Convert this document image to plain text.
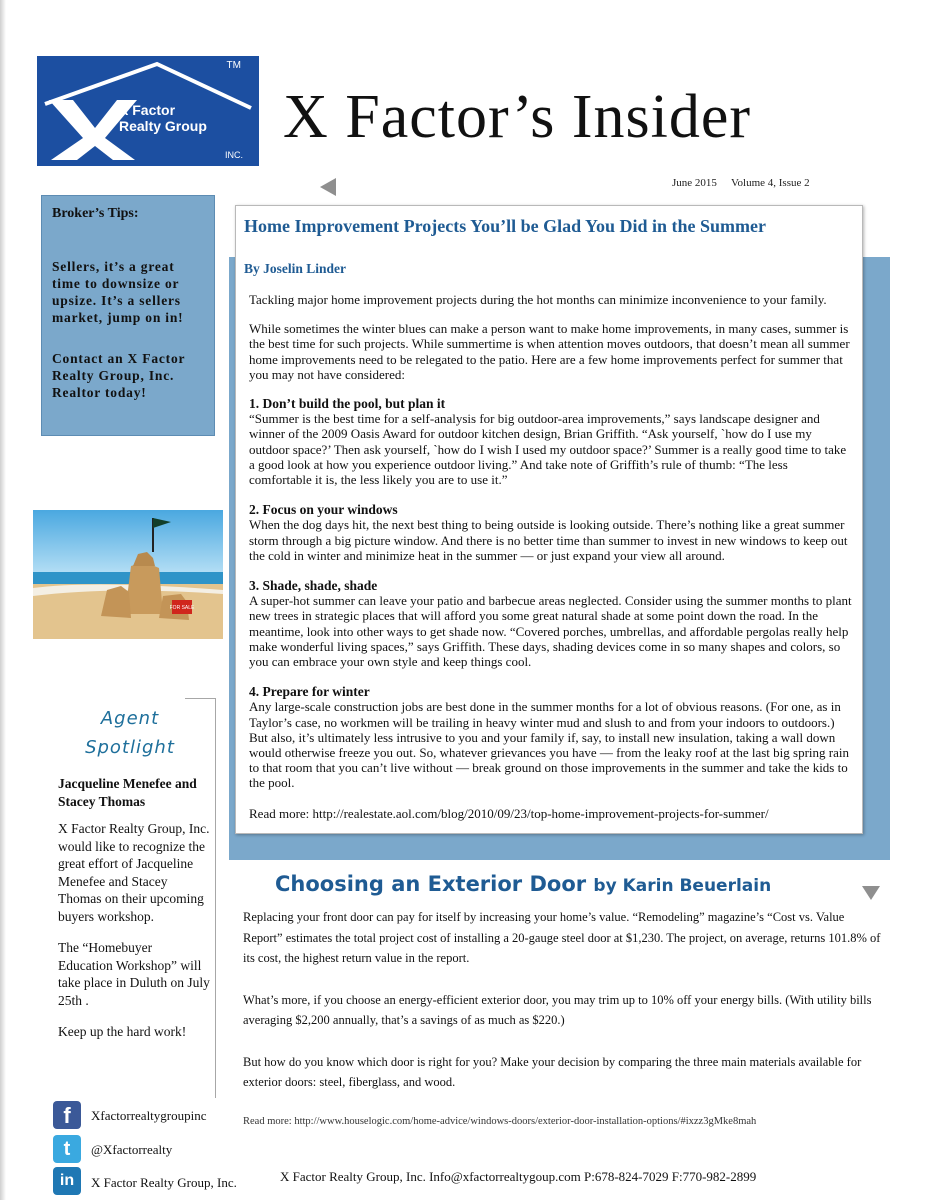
TM
X Factor
Realty Group
INC.
X Factor’s Insider
June 2015 Volume 4, Issue 2
Broker’s Tips:
Sellers, it’s a great time to downsize or upsize. It’s a sellers market, jump on in!
Contact an X Factor Realty Group, Inc. Realtor today!
FOR SALE
Agent
Spotlight
Jacqueline Menefee and Stacey Thomas

X Factor Realty Group, Inc. would like to recognize the great effort of Jacqueline Menefee and Stacey Thomas on their upcoming buyers workshop.

The “Homebuyer Education Workshop” will take place in Duluth on July 25th .

Keep up the hard work!

Home Improvement Projects You’ll be Glad You Did in the Summer
By Joselin Linder

Tackling major home improvement projects during the hot months can minimize inconvenience to your family.

While sometimes the winter blues can make a person want to make home improvements, in many cases, summer is the best time for such projects. While summertime is when attention moves outdoors, that doesn’t mean all summer home improvements need to be relegated to the patio. Here are a few home improvements perfect for summer that you may not have considered:

1. Don’t build the pool, but plan it
“Summer is the best time for a self-analysis for big outdoor-area improvements,” says landscape designer and winner of the 2009 Oasis Award for outdoor kitchen design, Brian Griffith. “Ask yourself, `how do I use my outdoor space?’ Then ask yourself, `how do I wish I used my outdoor space?’ Summer is a really good time to take a good look at how you experience outdoor living.” And take note of Griffith’s rule of thumb: “The less comfortable it is, the less likely you are to use it.”
2. Focus on your windows
When the dog days hit, the next best thing to being outside is looking outside. There’s nothing like a great summer storm through a big picture window. And there is no better time than summer to invest in new windows to keep out the cold in winter and minimize heat in the summer — or just expand your view all around.
3. Shade, shade, shade
A super-hot summer can leave your patio and barbecue areas neglected. Consider using the summer months to plant new trees in strategic places that will afford you some great natural shade at some point down the road. In the meantime, look into other ways to get shade now. “Covered porches, umbrellas, and affordable pergolas really help make wonderful living spaces,” says Griffith. These days, shading devices come in so many shapes and colors, so you can embrace your own style and keep things cool.
4. Prepare for winter
Any large-scale construction jobs are best done in the summer months for a lot of obvious reasons. (For one, as in Taylor’s case, no workmen will be trailing in heavy winter mud and slush to and from your indoors to outdoors.) But also, it’s ultimately less intrusive to you and your family if, say, to install new insulation, taking a wall down would otherwise freeze you out. So, whatever grievances you have — from the leaky roof at the last big spring rain to that room that you can’t live without — break ground on those improvements in the summer and take the kids to the pool.
Read more: http://realestate.aol.com/blog/2010/09/23/top-home-improvement-projects-for-summer/
Choosing an Exterior Door by Karin Beuerlain

Replacing your front door can pay for itself by increasing your home’s value. “Remodeling” magazine’s “Cost vs. Value Report” estimates the total project cost of installing a 20-gauge steel door at $1,230. The project, on average, returns 101.8% of its cost, the highest return value in the report.

What’s more, if you choose an energy-efficient exterior door, you may trim up to 10% off your energy bills. (With utility bills averaging $2,200 annually, that’s a savings of as much as $220.)

But how do you know which door is right for you? Make your decision by comparing the three main materials available for exterior doors: steel, fiberglass, and wood.

Read more: http://www.houselogic.com/home-advice/windows-doors/exterior-door-installation-options/#ixzz3gMke8mah
f	Xfactorrealtygroupinc
t	@Xfactorrealty
in	X Factor Realty Group, Inc.	X Factor Realty Group, Inc. Info@xfactorrealtygoup.com P:678-824-7029 F:770-982-2899
